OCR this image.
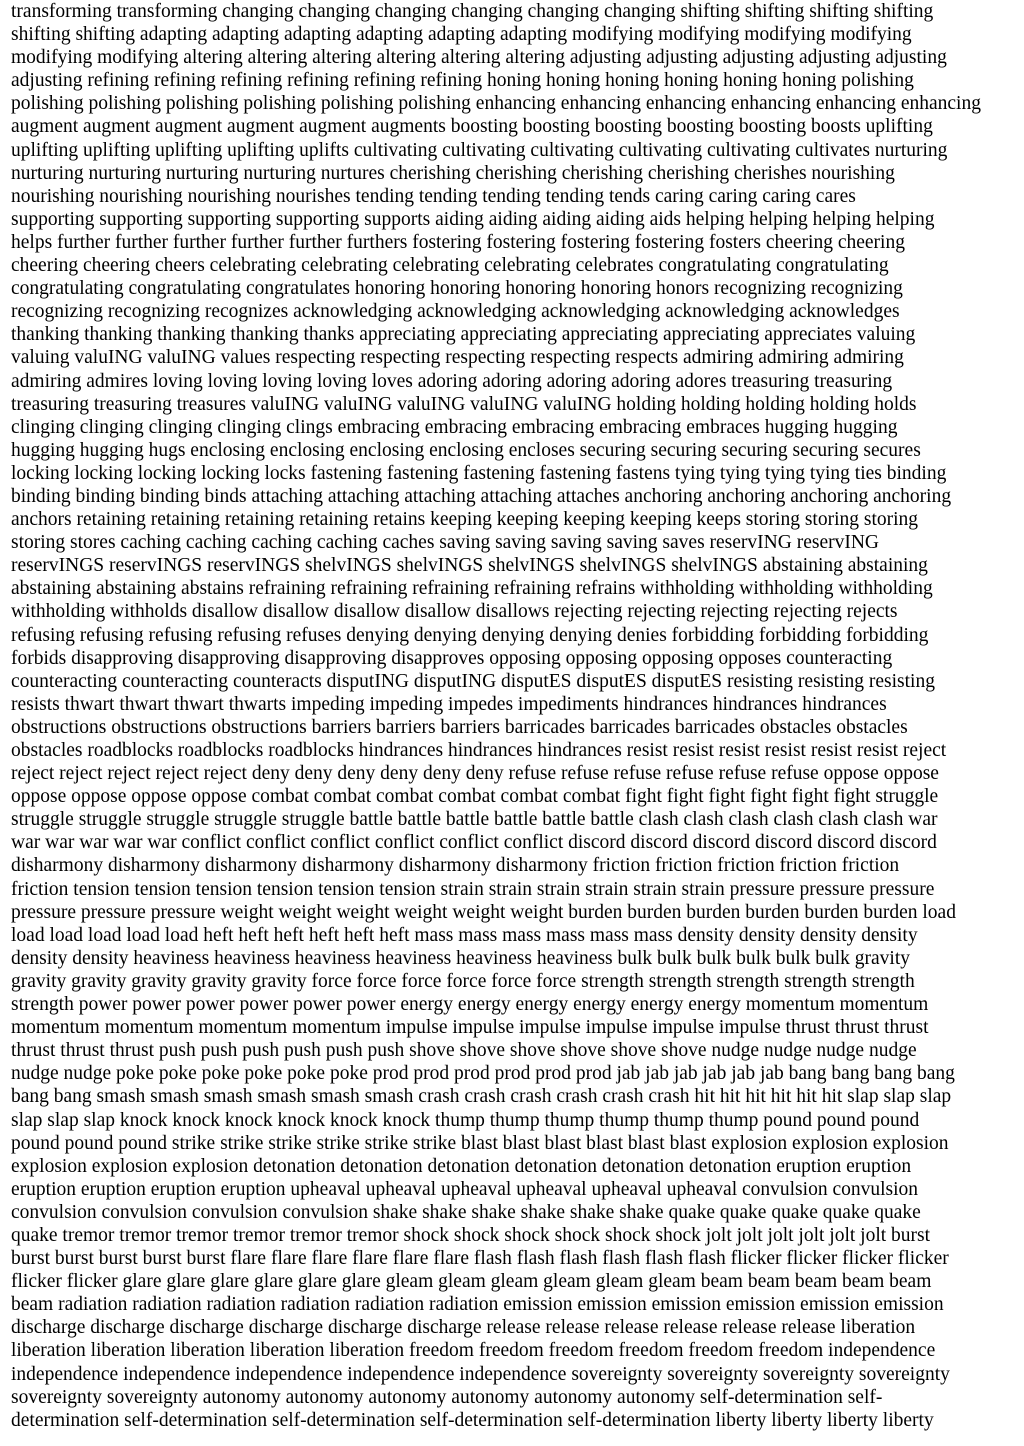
transforming transforming changing changing changing changing changing changing shifting shifting shifting shifting
shifting shifting adapting adapting adapting adapting adapting adapting modifying modifying modifying modifying
modifying modifying altering altering altering altering altering altering adjusting adjusting adjusting adjusting adjusting
adjusting refining refining refining refining refining refining honing honing honing honing honing honing polishing
polishing polishing polishing polishing polishing polishing enhancing enhancing enhancing enhancing enhancing enhancing
augment augment augment augment augment augments boosting boosting boosting boosting boosting boosts uplifting
uplifting uplifting uplifting uplifting uplifts cultivating cultivating cultivating cultivating cultivating cultivates nurturing
nurturing nurturing nurturing nurturing nurtures cherishing cherishing cherishing cherishing cherishes nourishing
nourishing nourishing nourishing nourishes tending tending tending tending tends caring caring caring cares
supporting supporting supporting supporting supports aiding aiding aiding aiding aids helping helping helping helping
helps further further further further further furthers fostering fostering fostering fostering fosters cheering cheering
cheering cheering cheers celebrating celebrating celebrating celebrating celebrates congratulating congratulating
congratulating congratulating congratulates honoring honoring honoring honoring honors recognizing recognizing
recognizing recognizing recognizes acknowledging acknowledging acknowledging acknowledging acknowledges
thanking thanking thanking thanking thanks appreciating appreciating appreciating appreciating appreciates valuing
valuing valuING valuING values respecting respecting respecting respecting respects admiring admiring admiring
admiring admires loving loving loving loving loves adoring adoring adoring adoring adores treasuring treasuring
treasuring treasuring treasures valuING valuING valuING valuING valuING holding holding holding holding holds
clinging clinging clinging clinging clings embracing embracing embracing embracing embraces hugging hugging
hugging hugging hugs enclosing enclosing enclosing enclosing encloses securing securing securing securing secures
locking locking locking locking locks fastening fastening fastening fastening fastens tying tying tying tying ties binding
binding binding binding binds attaching attaching attaching attaching attaches anchoring anchoring anchoring anchoring
anchors retaining retaining retaining retaining retains keeping keeping keeping keeping keeps storing storing storing
storing stores caching caching caching caching caches saving saving saving saving saves reservING reservING
reservINGS reservINGS reservINGS shelvINGS shelvINGS shelvINGS shelvINGS shelvINGS abstaining abstaining
abstaining abstaining abstains refraining refraining refraining refraining refrains withholding withholding withholding
withholding withholds disallow disallow disallow disallow disallows rejecting rejecting rejecting rejecting rejects
refusing refusing refusing refusing refuses denying denying denying denying denies forbidding forbidding forbidding
forbids disapproving disapproving disapproving disapproves opposing opposing opposing opposes counteracting
counteracting counteracting counteracts disputING disputING disputES disputES disputES resisting resisting resisting
resists thwart thwart thwart thwarts impeding impeding impedes impediments hindrances hindrances hindrances
obstructions obstructions obstructions barriers barriers barriers barricades barricades barricades obstacles obstacles
obstacles roadblocks roadblocks roadblocks hindrances hindrances hindrances resist resist resist resist resist resist reject
reject reject reject reject reject deny deny deny deny deny deny refuse refuse refuse refuse refuse refuse oppose oppose
oppose oppose oppose oppose combat combat combat combat combat combat fight fight fight fight fight fight struggle
struggle struggle struggle struggle struggle battle battle battle battle battle battle clash clash clash clash clash clash war
war war war war war conflict conflict conflict conflict conflict conflict discord discord discord discord discord discord
disharmony disharmony disharmony disharmony disharmony disharmony friction friction friction friction friction
friction tension tension tension tension tension tension strain strain strain strain strain strain pressure pressure pressure
pressure pressure pressure weight weight weight weight weight weight burden burden burden burden burden burden load
load load load load load heft heft heft heft heft heft mass mass mass mass mass mass density density density density
density density heaviness heaviness heaviness heaviness heaviness heaviness bulk bulk bulk bulk bulk bulk gravity
gravity gravity gravity gravity gravity force force force force force force strength strength strength strength strength
strength power power power power power power energy energy energy energy energy energy momentum momentum
momentum momentum momentum momentum impulse impulse impulse impulse impulse impulse thrust thrust thrust
thrust thrust thrust push push push push push push shove shove shove shove shove shove nudge nudge nudge nudge
nudge nudge poke poke poke poke poke poke prod prod prod prod prod prod jab jab jab jab jab jab bang bang bang bang
bang bang smash smash smash smash smash smash crash crash crash crash crash crash hit hit hit hit hit hit slap slap slap
slap slap slap knock knock knock knock knock knock thump thump thump thump thump thump pound pound pound
pound pound pound strike strike strike strike strike strike blast blast blast blast blast blast explosion explosion explosion
explosion explosion explosion detonation detonation detonation detonation detonation detonation eruption eruption
eruption eruption eruption eruption upheaval upheaval upheaval upheaval upheaval upheaval convulsion convulsion
convulsion convulsion convulsion convulsion shake shake shake shake shake shake quake quake quake quake quake
quake tremor tremor tremor tremor tremor tremor shock shock shock shock shock shock jolt jolt jolt jolt jolt jolt burst
burst burst burst burst burst flare flare flare flare flare flare flash flash flash flash flash flash flicker flicker flicker flicker
flicker flicker glare glare glare glare glare glare gleam gleam gleam gleam gleam gleam beam beam beam beam beam
beam radiation radiation radiation radiation radiation radiation emission emission emission emission emission emission
discharge discharge discharge discharge discharge discharge release release release release release release liberation
liberation liberation liberation liberation liberation freedom freedom freedom freedom freedom freedom independence
independence independence independence independence independence sovereignty sovereignty sovereignty sovereignty
sovereignty sovereignty autonomy autonomy autonomy autonomy autonomy autonomy self-determination self-
determination self-determination self-determination self-determination self-determination liberty liberty liberty liberty
